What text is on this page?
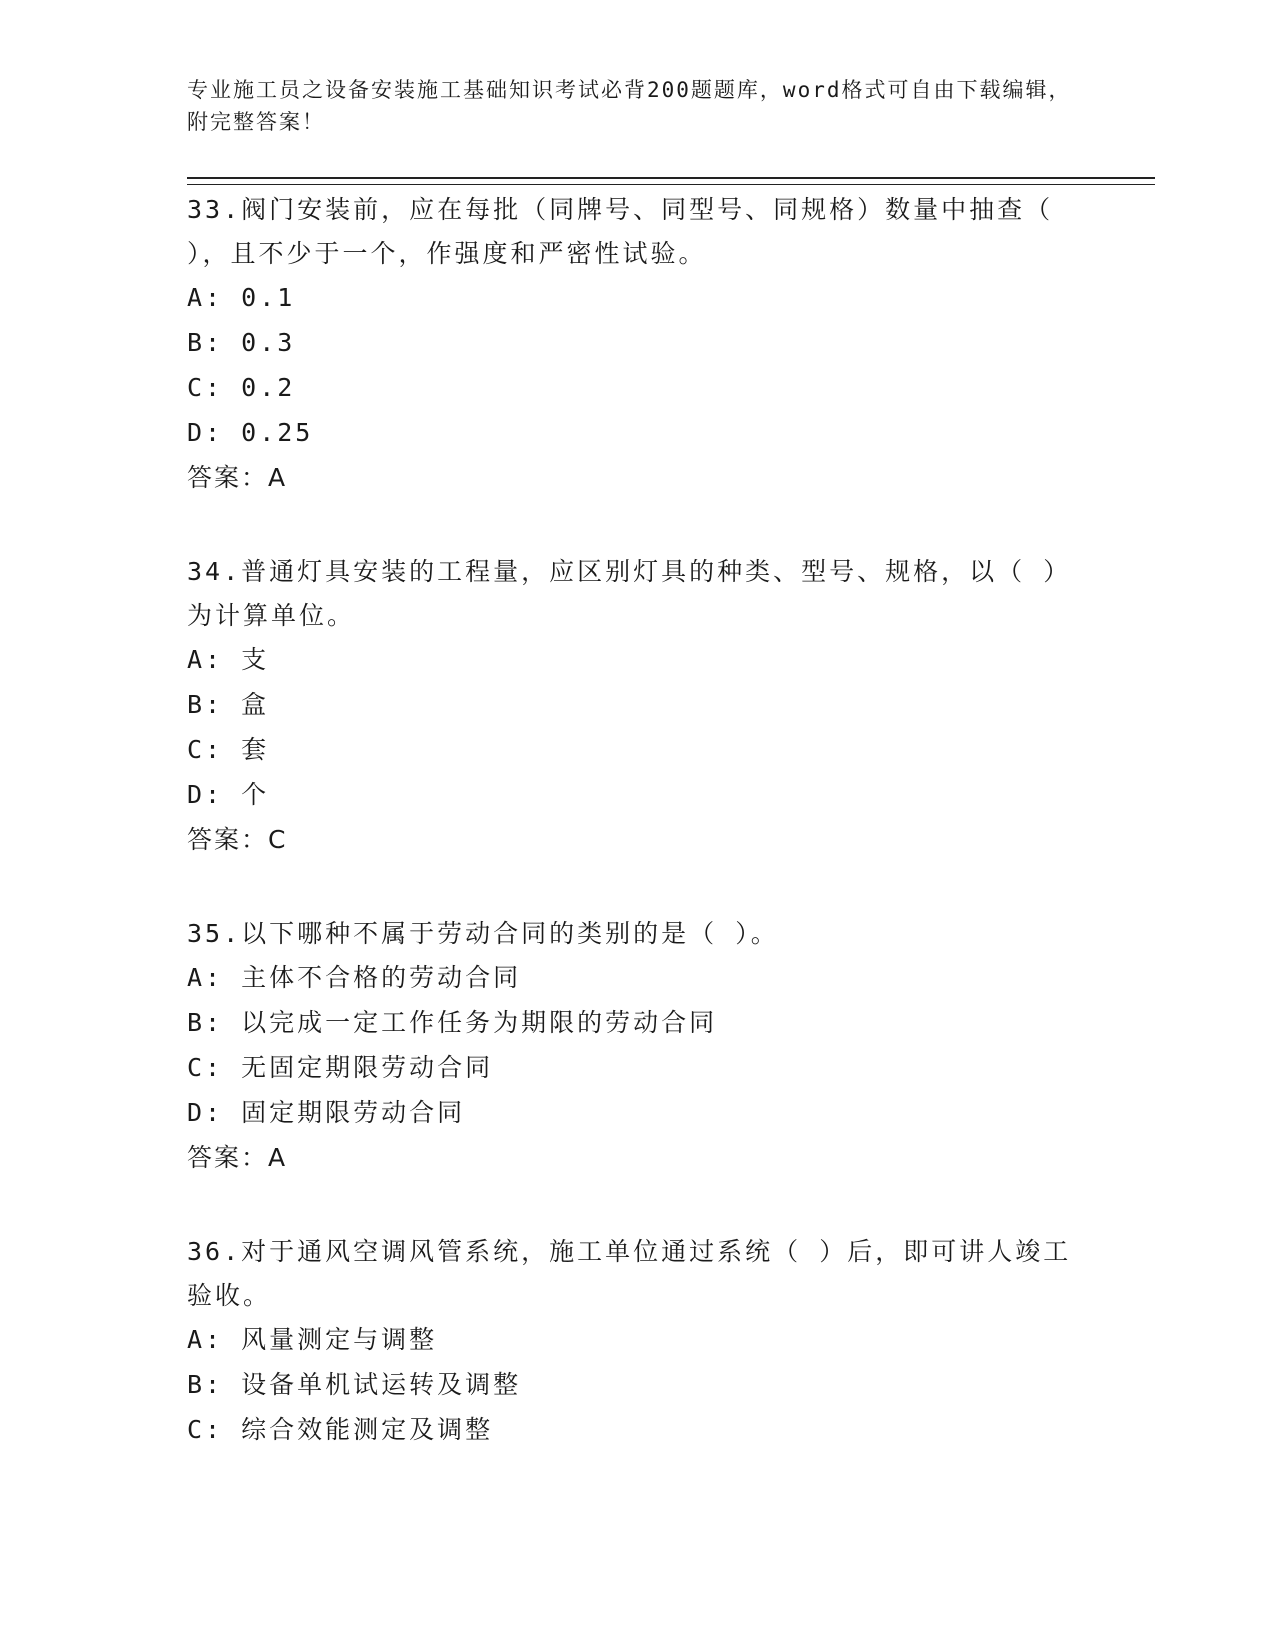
专业施工员之设备安装施工基础知识考试必背200题题库，word格式可自由下载编辑，附完整答案！
33.阀门安装前，应在每批（同牌号、同型号、同规格）数量中抽查（ ），且不少于一个，作强度和严密性试验。
A: 0.1
B: 0.3
C: 0.2
D: 0.25
答案：A
34.普通灯具安装的工程量，应区别灯具的种类、型号、规格，以（ ）为计算单位。
A: 支
B: 盒
C: 套
D: 个
答案：C
35.以下哪种不属于劳动合同的类别的是（ ）。
A: 主体不合格的劳动合同
B: 以完成一定工作任务为期限的劳动合同
C: 无固定期限劳动合同
D: 固定期限劳动合同
答案：A
36.对于通风空调风管系统，施工单位通过系统（ ）后，即可讲人竣工验收。
A: 风量测定与调整
B: 设备单机试运转及调整
C: 综合效能测定及调整
